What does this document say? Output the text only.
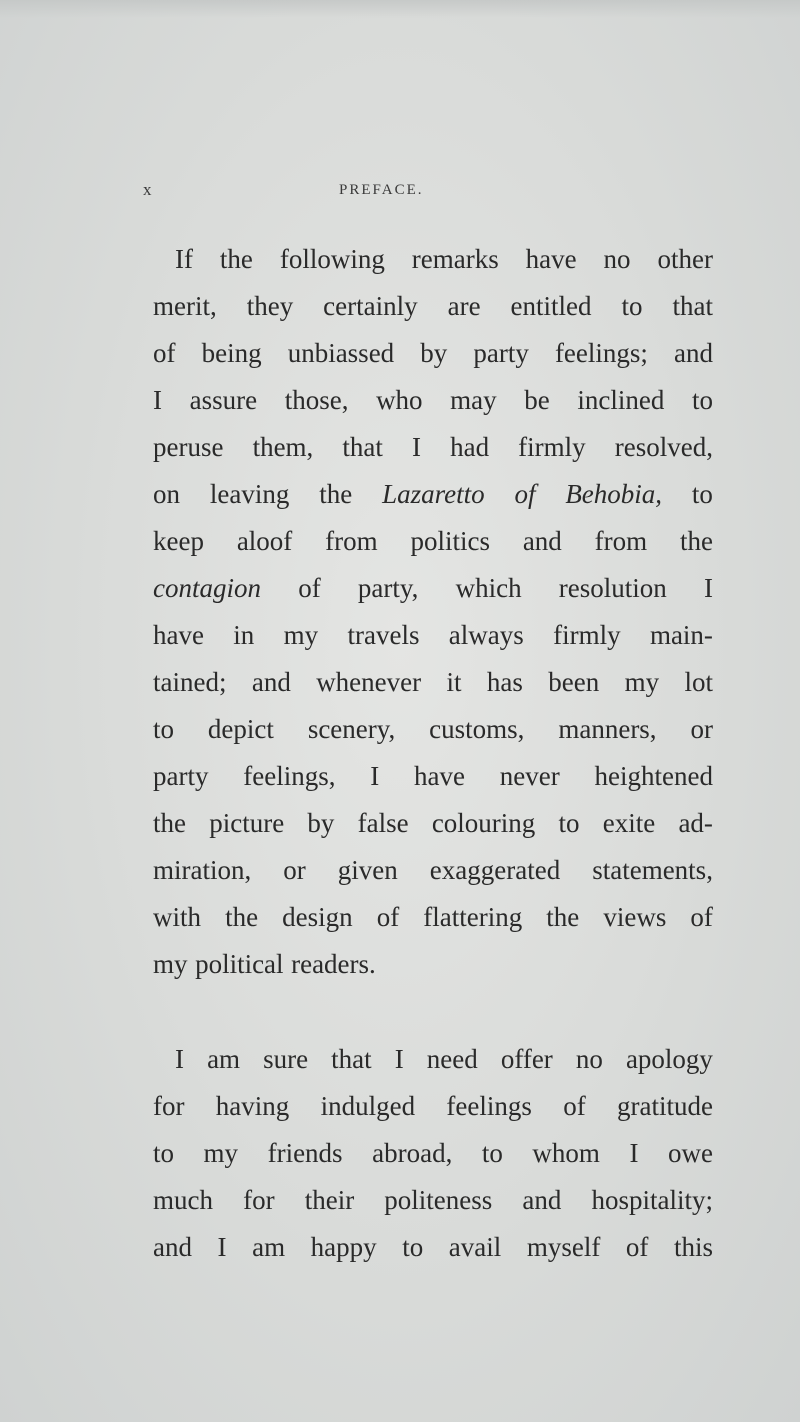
x	PREFACE.
If the following remarks have no other
merit, they certainly are entitled to that
of being unbiassed by party feelings; and
I assure those, who may be inclined to
peruse them, that I had firmly resolved,
on leaving the Lazaretto of Behobia, to
keep aloof from politics and from the
contagion of party, which resolution I
have in my travels always firmly main-
tained; and whenever it has been my lot
to depict scenery, customs, manners, or
party feelings, I have never heightened
the picture by false colouring to exite ad-
miration, or given exaggerated statements,
with the design of flattering the views of
my political readers.
I am sure that I need offer no apology
for having indulged feelings of gratitude
to my friends abroad, to whom I owe
much for their politeness and hospitality;
and I am happy to avail myself of this
